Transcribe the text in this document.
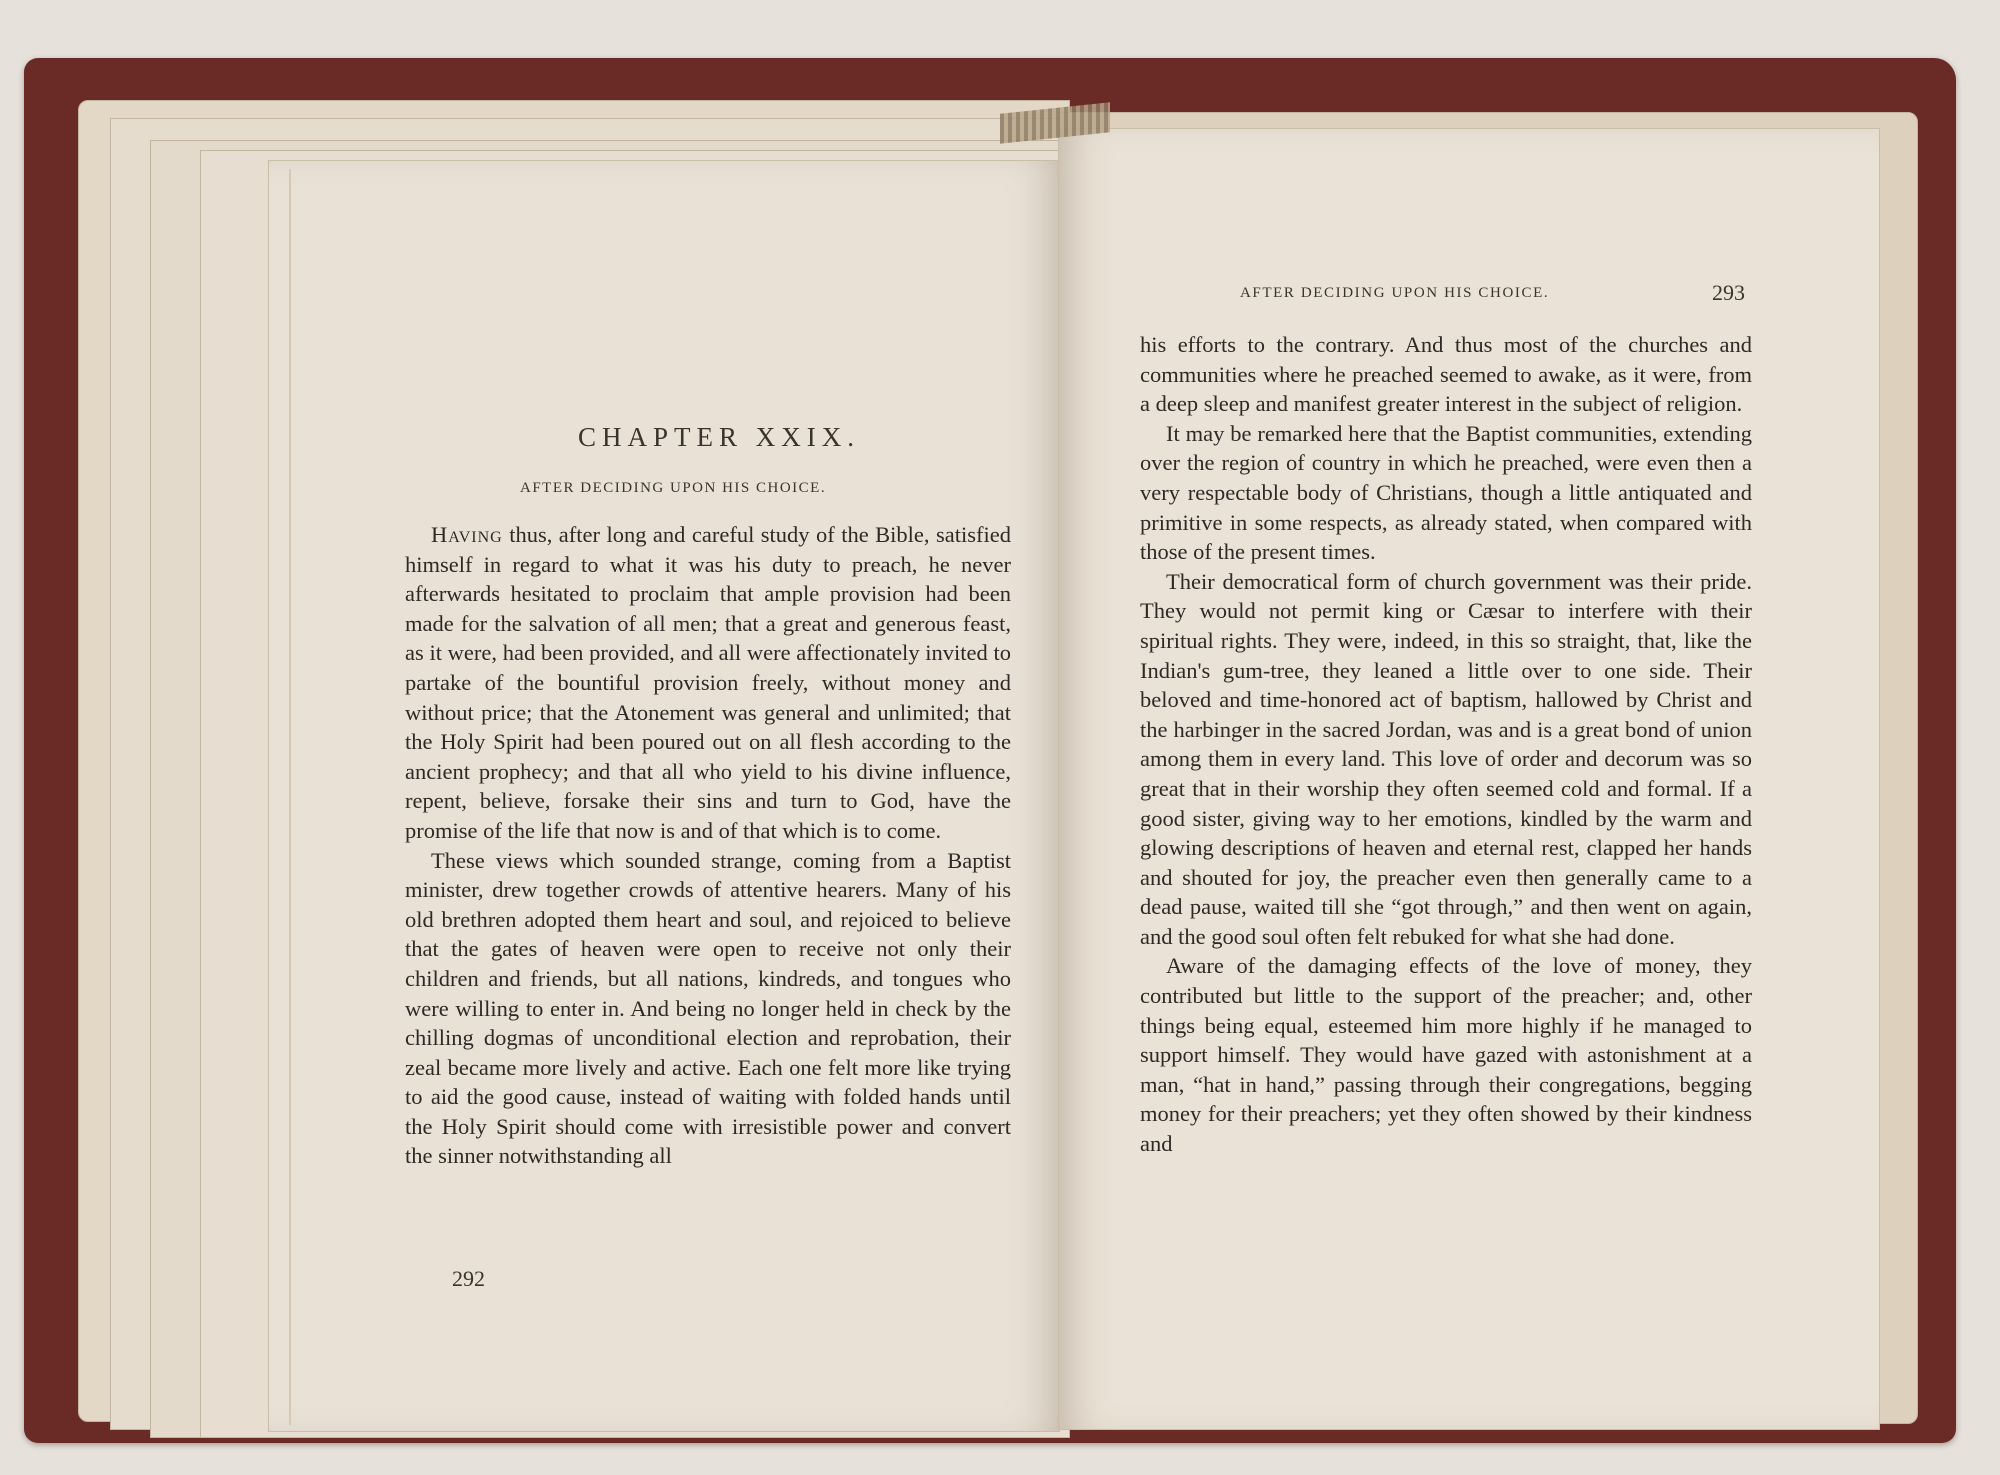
CHAPTER XXIX.
AFTER DECIDING UPON HIS CHOICE.

Having thus, after long and careful study of the Bible, satisfied himself in regard to what it was his duty to preach, he never afterwards hesitated to proclaim that ample provision had been made for the salvation of all men; that a great and generous feast, as it were, had been provided, and all were affectionately invited to partake of the bountiful provision freely, without money and without price; that the Atonement was general and unlimited; that the Holy Spirit had been poured out on all flesh according to the ancient prophecy; and that all who yield to his divine influence, repent, believe, forsake their sins and turn to God, have the promise of the life that now is and of that which is to come.

These views which sounded strange, coming from a Baptist minister, drew together crowds of attentive hearers. Many of his old brethren adopted them heart and soul, and rejoiced to believe that the gates of heaven were open to receive not only their children and friends, but all nations, kindreds, and tongues who were willing to enter in. And being no longer held in check by the chilling dogmas of unconditional election and reprobation, their zeal became more lively and active. Each one felt more like trying to aid the good cause, instead of waiting with folded hands until the Holy Spirit should come with irresistible power and convert the sinner notwithstanding all

292
AFTER DECIDING UPON HIS CHOICE.	293

his efforts to the contrary. And thus most of the churches and communities where he preached seemed to awake, as it were, from a deep sleep and manifest greater interest in the subject of religion.

It may be remarked here that the Baptist communities, extending over the region of country in which he preached, were even then a very respectable body of Christians, though a little antiquated and primitive in some respects, as already stated, when compared with those of the present times.

Their democratical form of church government was their pride. They would not permit king or Cæsar to interfere with their spiritual rights. They were, indeed, in this so straight, that, like the Indian's gum-tree, they leaned a little over to one side. Their beloved and time-honored act of baptism, hallowed by Christ and the harbinger in the sacred Jordan, was and is a great bond of union among them in every land. This love of order and decorum was so great that in their worship they often seemed cold and formal. If a good sister, giving way to her emotions, kindled by the warm and glowing descriptions of heaven and eternal rest, clapped her hands and shouted for joy, the preacher even then generally came to a dead pause, waited till she “got through,” and then went on again, and the good soul often felt rebuked for what she had done.

Aware of the damaging effects of the love of money, they contributed but little to the support of the preacher; and, other things being equal, esteemed him more highly if he managed to support himself. They would have gazed with astonishment at a man, “hat in hand,” passing through their congregations, begging money for their preachers; yet they often showed by their kindness and
